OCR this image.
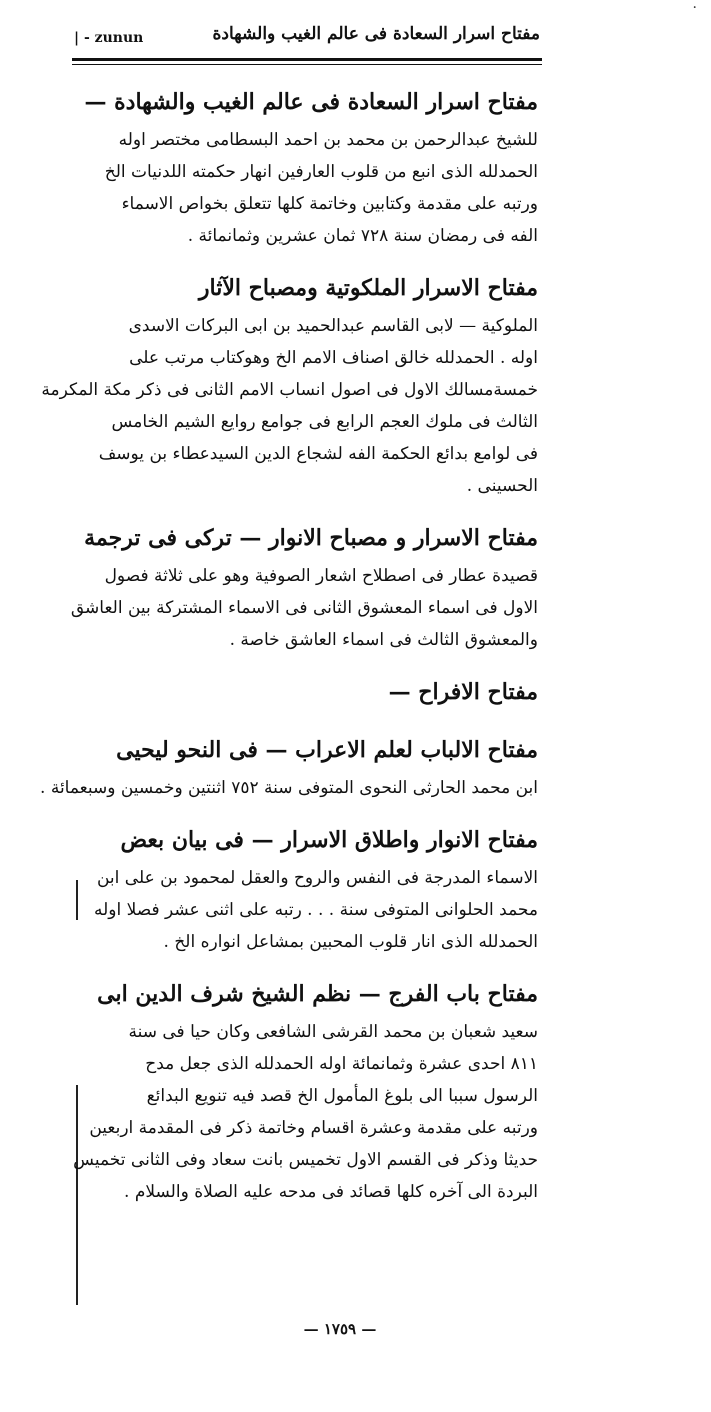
·
| - zunun	مفتاح اسرار السعادة فى عالم الغيب والشهادة
مفتاح اسرار السعادة فى عالم الغيب والشهادة —
للشيخ عبدالرحمن بن محمد بن احمد البسطامى مختصر اوله
الحمدلله الذى انبع من قلوب العارفين انهار حكمته اللدنيات الخ
ورتبه على مقدمة وكتابين وخاتمة كلها تتعلق بخواص الاسماء
الفه فى رمضان سنة ٧٢٨ ثمان عشرين وثمانمائة .
مفتاح الاسرار الملكوتية ومصباح الآثار
الملوكية — لابى القاسم عبدالحميد بن ابى البركات الاسدى
اوله . الحمدلله خالق اصناف الامم الخ وهوكتاب مرتب على
خمسةمسالك الاول فى اصول انساب الامم الثانى فى ذكر مكة المكرمة
الثالث فى ملوك العجم الرابع فى جوامع روايع الشيم الخامس
فى لوامع بدائع الحكمة الفه لشجاع الدين السيدعطاء بن يوسف
الحسينى .
مفتاح الاسرار و مصباح الانوار — تركى فى ترجمة
قصيدة عطار فى اصطلاح اشعار الصوفية وهو على ثلاثة فصول
الاول فى اسماء المعشوق الثانى فى الاسماء المشتركة بين العاشق
والمعشوق الثالث فى اسماء العاشق خاصة .
مفتاح الافراح —
مفتاح الالباب لعلم الاعراب — فى النحو ليحيى
ابن محمد الحارثى النحوى المتوفى سنة ٧٥٢ اثنتين وخمسين وسبعمائة .
مفتاح الانوار واطلاق الاسرار — فى بيان بعض
الاسماء المدرجة فى النفس والروح والعقل لمحمود بن على ابن
محمد الحلوانى المتوفى سنة . . . رتبه على اثنى عشر فصلا اوله
الحمدلله الذى انار قلوب المحبين بمشاعل انواره الخ .
مفتاح باب الفرج — نظم الشيخ شرف الدين ابى
سعيد شعبان بن محمد القرشى الشافعى وكان حيا فى سنة
٨١١ احدى عشرة وثمانمائة اوله الحمدلله الذى جعل مدح
الرسول سببا الى بلوغ المأمول الخ قصد فيه تنويع البدائع
ورتبه على مقدمة وعشرة اقسام وخاتمة ذكر فى المقدمة اربعين
حديثا وذكر فى القسم الاول تخميس بانت سعاد وفى الثانى تخميس
البردة الى آخره كلها قصائد فى مدحه عليه الصلاة والسلام .
— ١٧٥٩ —
